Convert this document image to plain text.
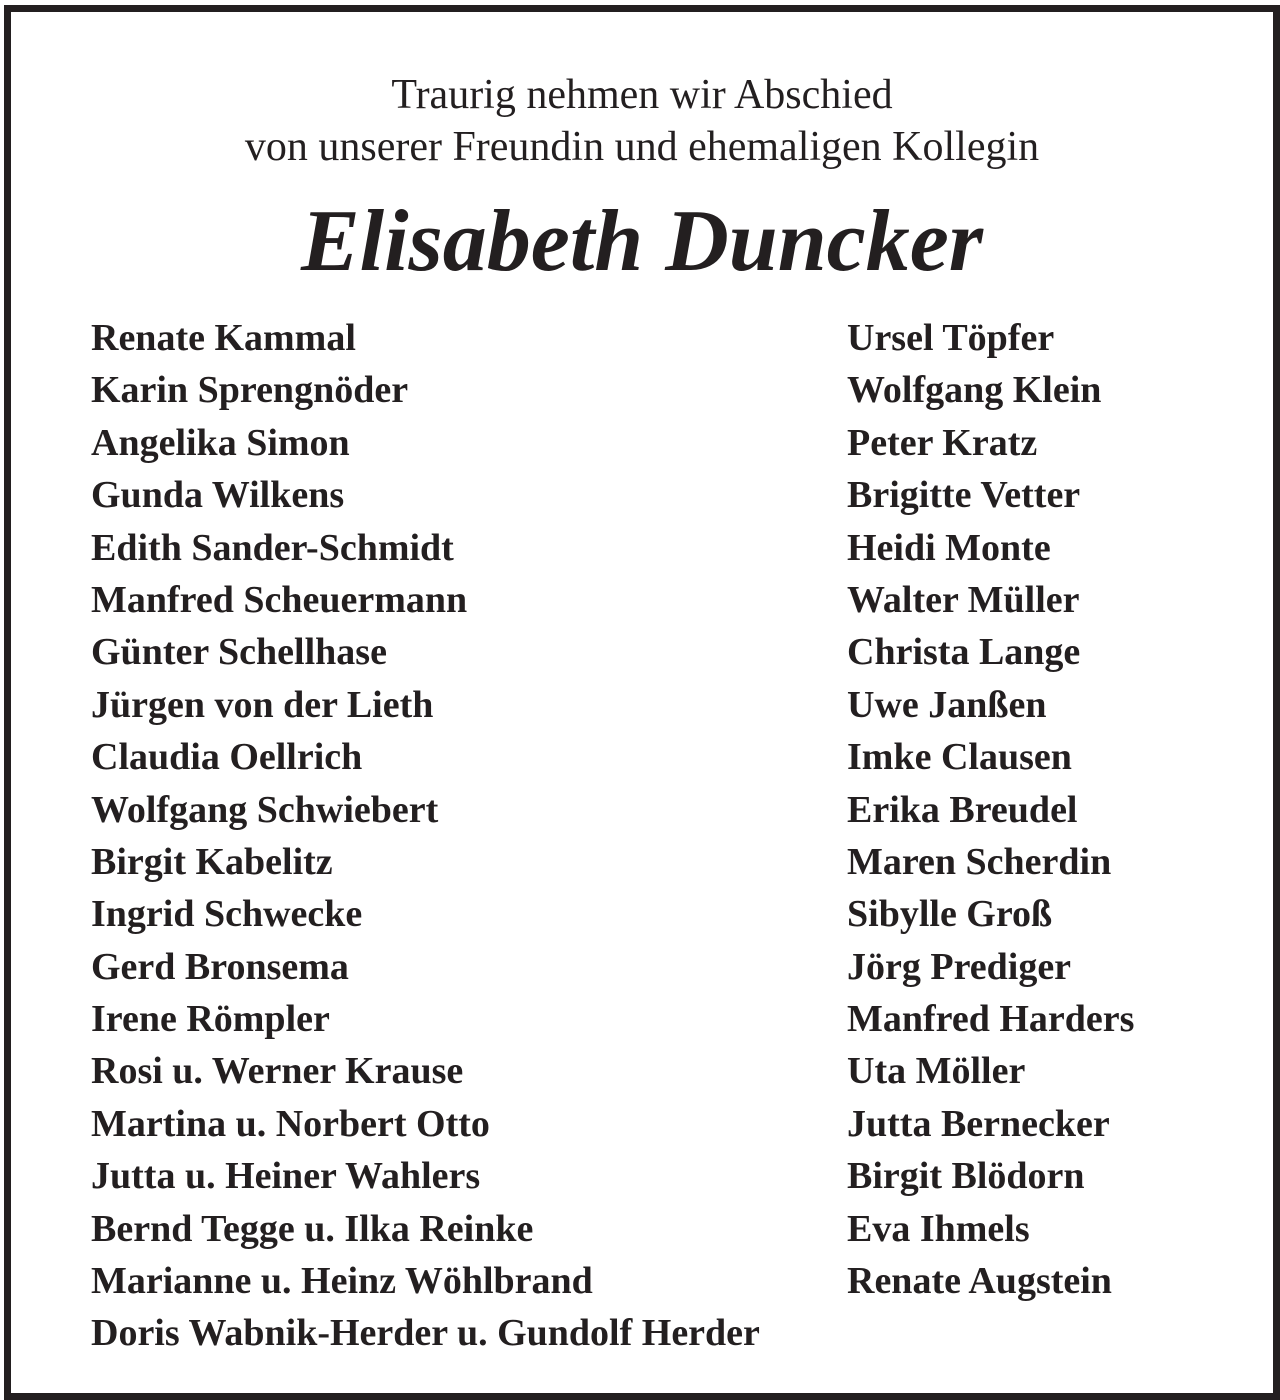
Traurig nehmen wir Abschied
von unserer Freundin und ehemaligen Kollegin
Elisabeth Duncker
Renate Kammal
Karin Sprengnöder
Angelika Simon
Gunda Wilkens
Edith Sander-Schmidt
Manfred Scheuermann
Günter Schellhase
Jürgen von der Lieth
Claudia Oellrich
Wolfgang Schwiebert
Birgit Kabelitz
Ingrid Schwecke
Gerd Bronsema
Irene Römpler
Rosi u. Werner Krause
Martina u. Norbert Otto
Jutta u. Heiner Wahlers
Bernd Tegge u. Ilka Reinke
Marianne u. Heinz Wöhlbrand
Doris Wabnik-Herder u. Gundolf Herder
Ursel Töpfer
Wolfgang Klein
Peter Kratz
Brigitte Vetter
Heidi Monte
Walter Müller
Christa Lange
Uwe Janßen
Imke Clausen
Erika Breudel
Maren Scherdin
Sibylle Groß
Jörg Prediger
Manfred Harders
Uta Möller
Jutta Bernecker
Birgit Blödorn
Eva Ihmels
Renate Augstein
